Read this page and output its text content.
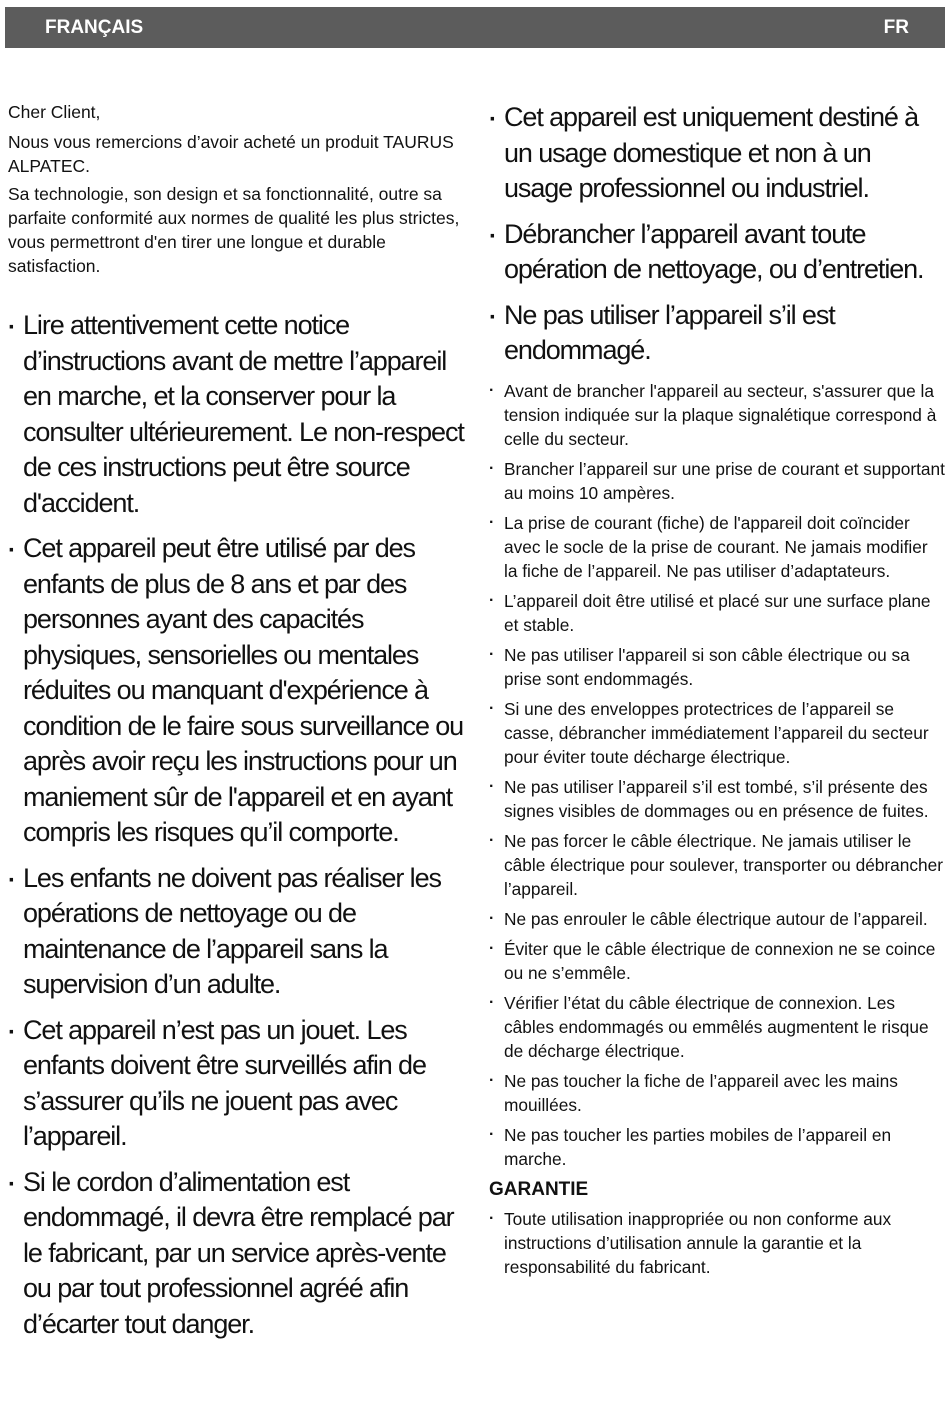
FRANÇAIS	FR

Cher Client,

Nous vous remercions d’avoir acheté un produit TAURUS ALPATEC.

Sa technologie, son design et sa fonctionnalité, outre sa parfaite conformité aux normes de qualité les plus strictes, vous permettront d'en tirer une longue et durable satisfaction.

· Lire attentivement cette notice d’instructions avant de mettre l’appareil en marche, et la conserver pour la consulter ultérieurement. Le non-respect de ces instructions peut être source d'accident.
· Cet appareil peut être utilisé par des enfants de plus de 8 ans et par des personnes ayant des capacités physiques, sensorielles ou mentales réduites ou manquant d'expérience à condition de le faire sous surveillance ou après avoir reçu les instructions pour un maniement sûr de l'appareil et en ayant compris les risques qu’il comporte.
· Les enfants ne doivent pas réaliser les opérations de nettoyage ou de maintenance de l’appareil sans la supervision d’un adulte.
· Cet appareil n’est pas un jouet. Les enfants doivent être surveillés afin de s’assurer qu’ils ne jouent pas avec l’appareil.
· Si le cordon d’alimentation est endommagé, il devra être remplacé par le fabricant, par un service après-vente ou par tout professionnel agréé afin d’écarter tout danger.
· Cet appareil est uniquement destiné à un usage domestique et non à un usage professionnel ou industriel.
· Débrancher l’appareil avant toute opération de nettoyage, ou d’entretien.
· Ne pas utiliser l’appareil s’il est endommagé.
· Avant de brancher l'appareil au secteur, s'assurer que la tension indiquée sur la plaque signalétique correspond à celle du secteur.
· Brancher l’appareil sur une prise de courant et supportant au moins 10 ampères.
· La prise de courant (fiche) de l'appareil doit coïncider avec le socle de la prise de courant. Ne jamais modifier la fiche de l’appareil. Ne pas utiliser d’adaptateurs.
· L’appareil doit être utilisé et placé sur une surface plane et stable.
· Ne pas utiliser l'appareil si son câble électrique ou sa prise sont endommagés.
· Si une des enveloppes protectrices de l’appareil se casse, débrancher immédiatement l’appareil du secteur pour éviter toute décharge électrique.
· Ne pas utiliser l’appareil s’il est tombé, s’il présente des signes visibles de dommages ou en présence de fuites.
· Ne pas forcer le câble électrique. Ne jamais utiliser le câble électrique pour soulever, transporter ou débrancher l’appareil.
· Ne pas enrouler le câble électrique autour de l’appareil.
· Éviter que le câble électrique de connexion ne se coince ou ne s’emmêle.
· Vérifier l’état du câble électrique de connexion. Les câbles endommagés ou emmêlés augmentent le risque de décharge électrique.
· Ne pas toucher la fiche de l’appareil avec les mains mouillées.
· Ne pas toucher les parties mobiles de l’appareil en marche.
GARANTIE
· Toute utilisation inappropriée ou non conforme aux instructions d’utilisation annule la garantie et la responsabilité du fabricant.
